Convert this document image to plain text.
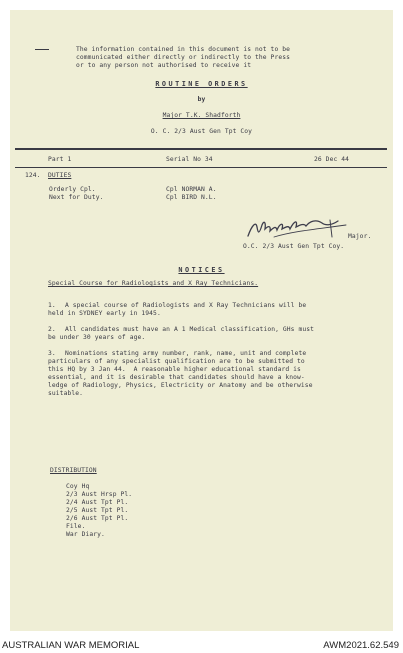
The information contained in this document is not to be
communicated either directly or indirectly to the Press
or to any person not authorised to receive it
ROUTINE ORDERS
by
Major T.K. Shadforth
O. C. 2/3 Aust Gen Tpt Coy
Part 1	Serial No 34	26 Dec 44
124. DUTIES
Orderly Cpl.	Cpl NORMAN A.
Next for Duty.	Cpl BIRD N.L.
Major.
O.C. 2/3 Aust Gen Tpt Coy.
NOTICES
Special Course for Radiologists and X Ray Technicians.
1. A special course of Radiologists and X Ray Technicians will be
held in SYDNEY early in 1945.
2. All candidates must have an A 1 Medical classification, GHs must
be under 30 years of age.
3. Nominations stating army number, rank, name, unit and complete
particulars of any specialist qualification are to be submitted to
this HQ by 3 Jan 44.  A reasonable higher educational standard is
essential, and it is desirable that candidates should have a know-
ledge of Radiology, Physics, Electricity or Anatomy and be otherwise
suitable.
DISTRIBUTION
Coy Hq
2/3 Aust Hrsp Pl.
2/4 Aust Tpt Pl.
2/5 Aust Tpt Pl.
2/6 Aust Tpt Pl.
File.
War Diary.
AUSTRALIAN WAR MEMORIAL	AWM2021.62.549
